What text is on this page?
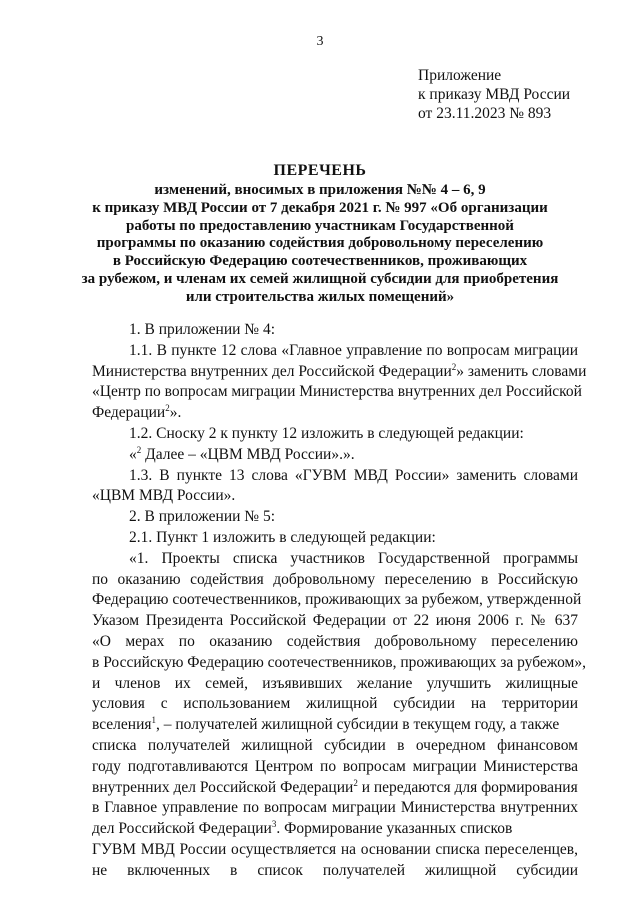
3
Приложение
к приказу МВД России
от 23.11.2023 № 893
ПЕРЕЧЕНЬ
изменений, вносимых в приложения №№ 4 – 6, 9
к приказу МВД России от 7 декабря 2021 г. № 997 «Об организации
работы по предоставлению участникам Государственной
программы по оказанию содействия добровольному переселению
в Российскую Федерацию соотечественников, проживающих
за рубежом, и членам их семей жилищной субсидии для приобретения
или строительства жилых помещений»
1. В приложении № 4:
1.1. В пункте 12 слова «Главное управление по вопросам миграции
Министерства внутренних дел Российской Федерации$^2$» заменить словами
«Центр по вопросам миграции Министерства внутренних дел Российской
Федерации$^2$».
1.2. Сноску 2 к пункту 12 изложить в следующей редакции:
«$^2$ Далее – «ЦВМ МВД России».».
1.3. В пункте 13 слова «ГУВМ МВД России» заменить словами
«ЦВМ МВД России».
2. В приложении № 5:
2.1. Пункт 1 изложить в следующей редакции:
«1. Проекты списка участников Государственной программы
по оказанию содействия добровольному переселению в Российскую
Федерацию соотечественников, проживающих за рубежом, утвержденной
Указом Президента Российской Федерации от 22 июня 2006 г. № 637
«О мерах по оказанию содействия добровольному переселению
в Российскую Федерацию соотечественников, проживающих за рубежом»,
и членов их семей, изъявивших желание улучшить жилищные
условия с использованием жилищной субсидии на территории
вселения$^1$, – получателей жилищной субсидии в текущем году, а также
списка получателей жилищной субсидии в очередном финансовом
году подготавливаются Центром по вопросам миграции Министерства
внутренних дел Российской Федерации$^2$ и передаются для формирования
в Главное управление по вопросам миграции Министерства внутренних
дел Российской Федерации$^3$. Формирование указанных списков
ГУВМ МВД России осуществляется на основании списка переселенцев,
не включенных в список получателей жилищной субсидии
